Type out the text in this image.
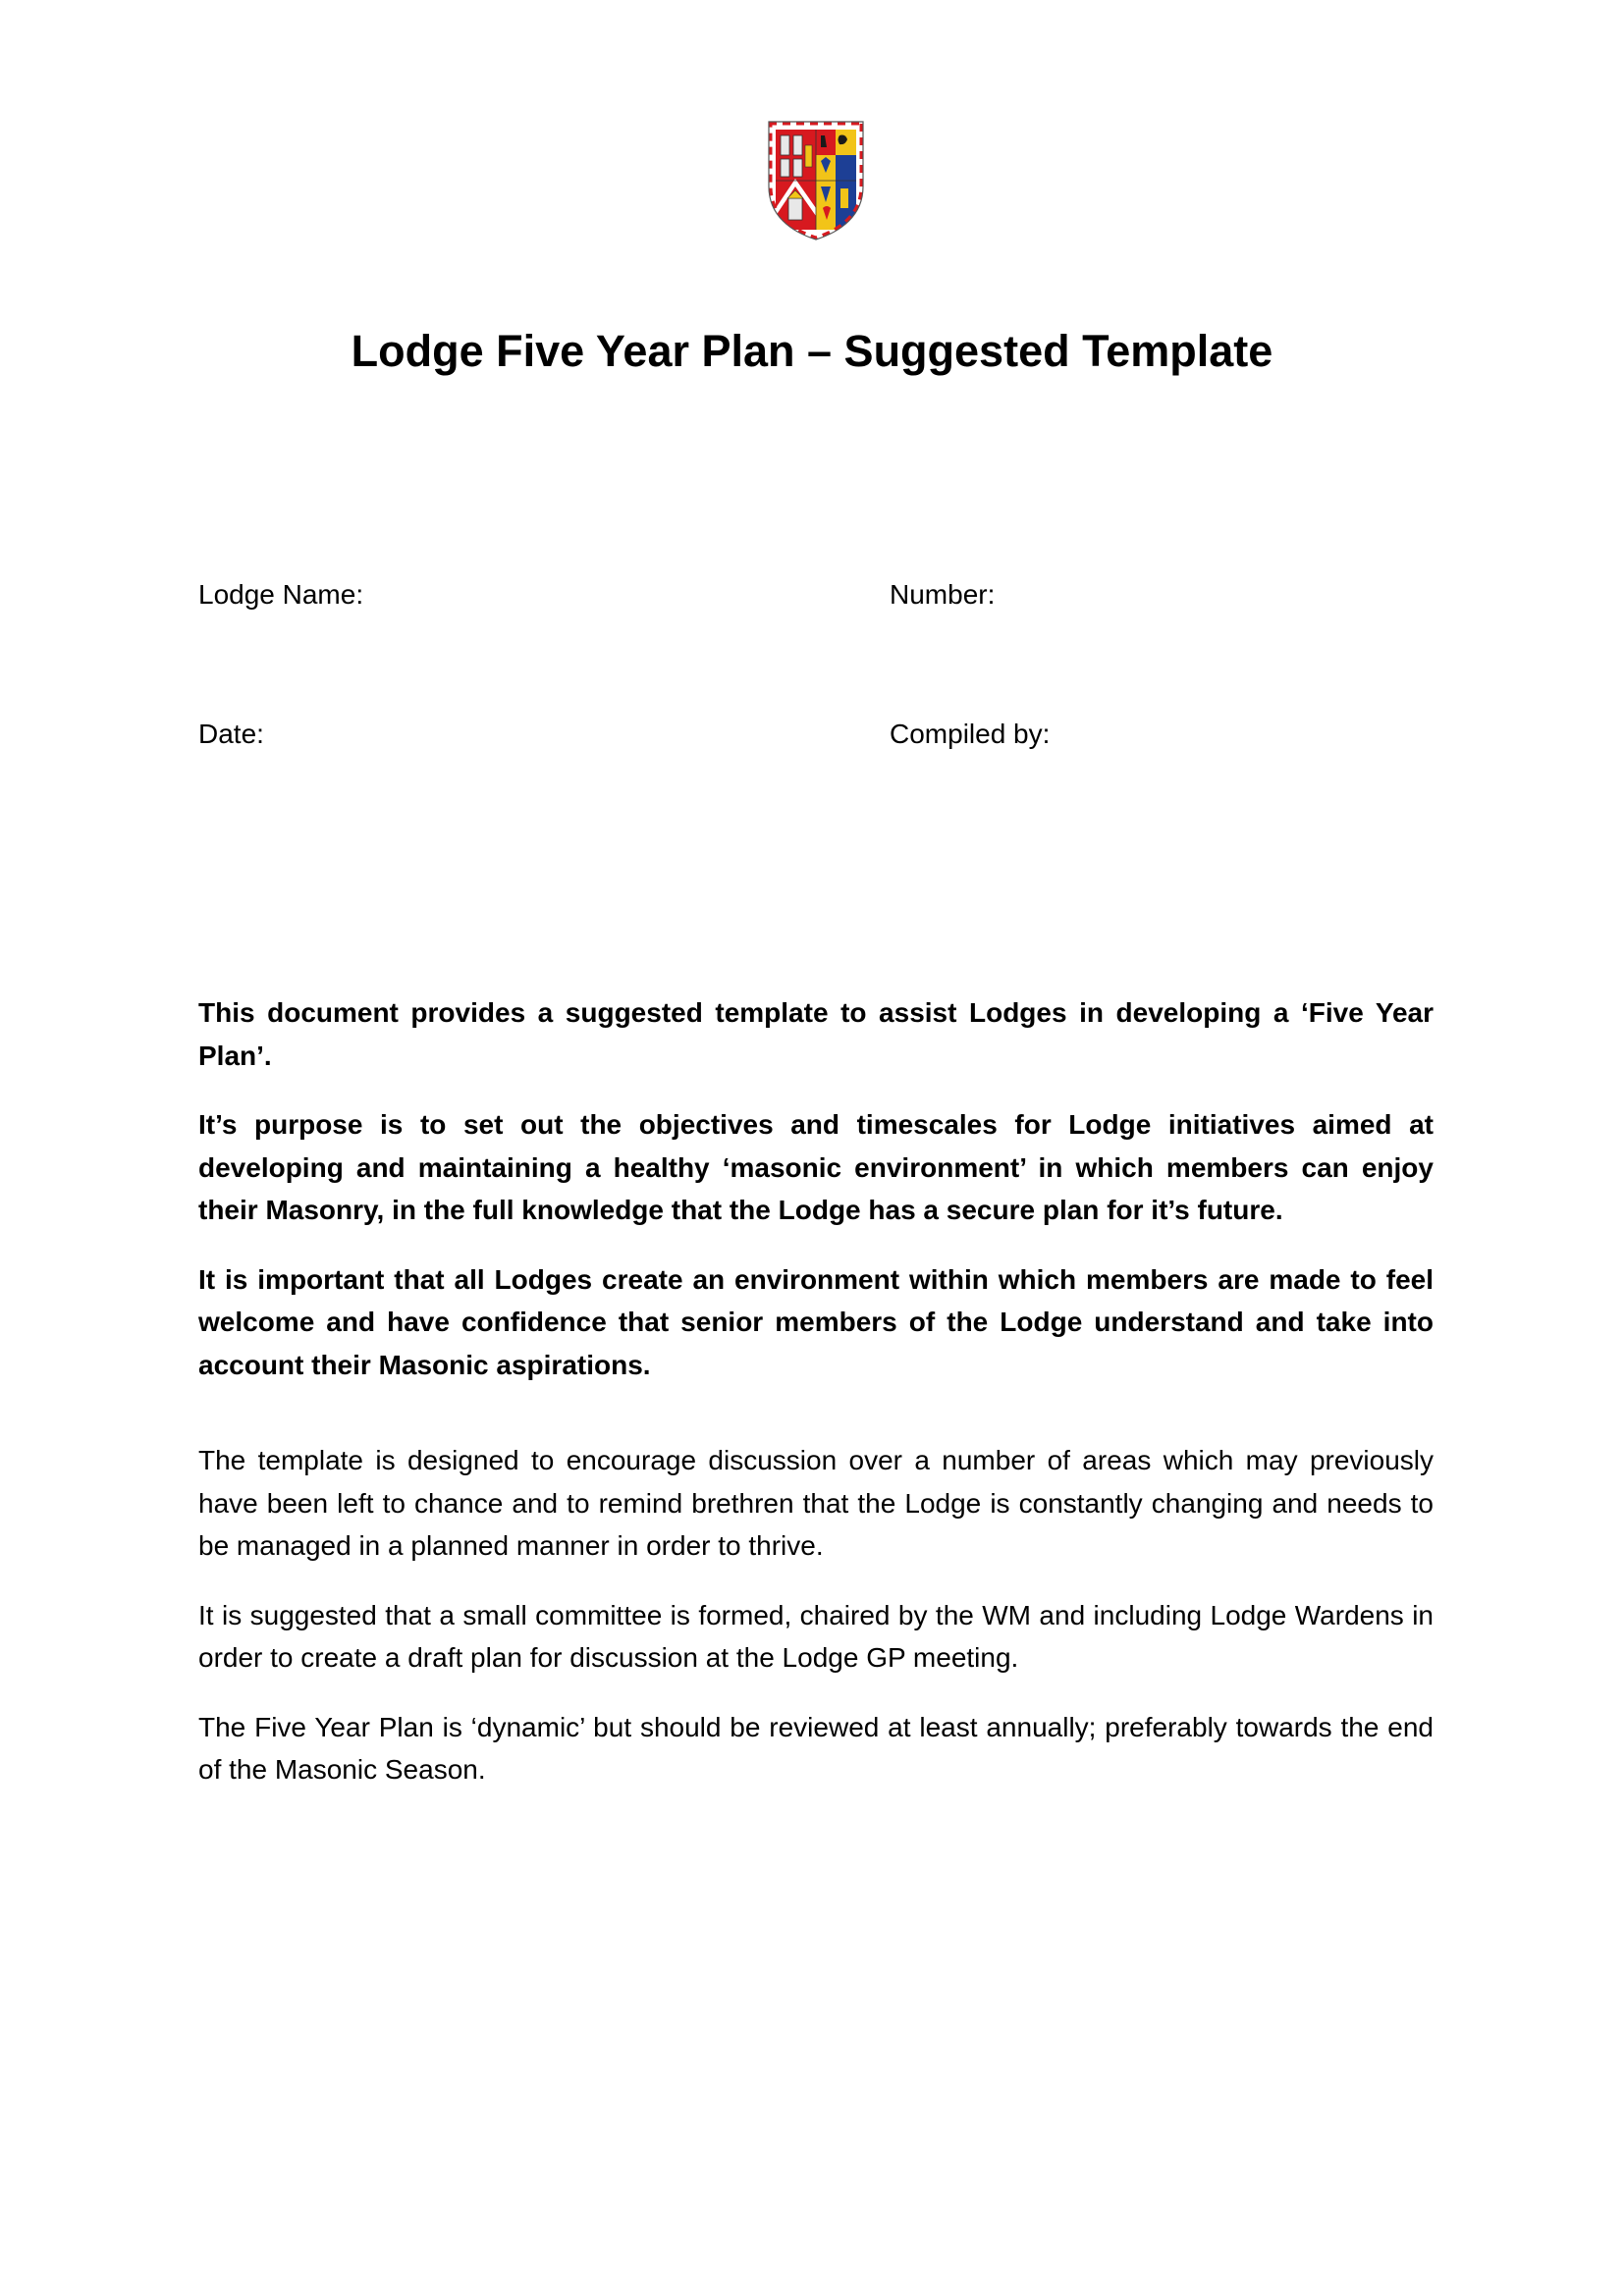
Lodge Five Year Plan – Suggested Template
Lodge Name:	Number:
Date:	Compiled by:

This document provides a suggested template to assist Lodges in developing a ‘Five Year Plan’.

It’s purpose is to set out the objectives and timescales for Lodge initiatives aimed at developing and maintaining a healthy ‘masonic environment’ in which members can enjoy their Masonry, in the full knowledge that the Lodge has a secure plan for it’s future.

It is important that all Lodges create an environment within which members are made to feel welcome and have confidence that senior members of the Lodge understand and take into account their Masonic aspirations.

The template is designed to encourage discussion over a number of areas which may previously have been left to chance and to remind brethren that the Lodge is constantly changing and needs to be managed in a planned manner in order to thrive.

It is suggested that a small committee is formed, chaired by the WM and including Lodge Wardens in order to create a draft plan for discussion at the Lodge GP meeting.

The Five Year Plan is ‘dynamic’ but should be reviewed at least annually; preferably towards the end of the Masonic Season.
